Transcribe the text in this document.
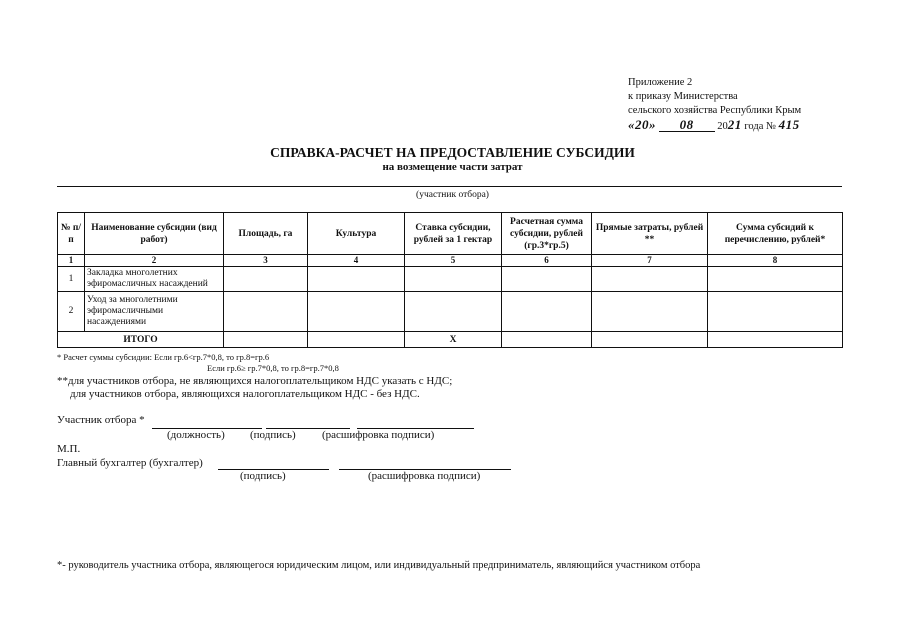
Приложение 2
к приказу Министерства
сельского хозяйства Республики Крым
«20» 08 2021 года № 415
СПРАВКА-РАСЧЕТ НА ПРЕДОСТАВЛЕНИЕ СУБСИДИИ
на возмещение части затрат
(участник отбора)
№ п/п	Наименование субсидии (вид работ)	Площадь, га	Культура	Ставка субсидии, рублей за 1 гектар	Расчетная сумма субсидии, рублей (гр.3*гр.5)	Прямые затраты, рублей **	Сумма субсидий к перечислению, рублей*
1	2	3	4	5	6	7	8
1	Закладка многолетних эфиромасличных насаждений						
2	Уход за многолетними эфиромасличными насаждениями						
ИТОГО				X			
* Расчет суммы субсидии: Если гр.6<гр.7*0,8, то гр.8=гр.6
Если гр.6≥ гр.7*0,8, то гр.8=гр.7*0,8
**для участников отбора, не являющихся налогоплательщиком НДС указать с НДС;
для участников отбора, являющихся налогоплательщиком НДС - без НДС.
Участник отбора *
(должность) (подпись) (расшифровка подписи)
М.П.
Главный бухгалтер (бухгалтер)
(подпись)	(расшифровка подписи)
*- руководитель участника отбора, являющегося юридическим лицом, или индивидуальный предприниматель, являющийся участником отбора
